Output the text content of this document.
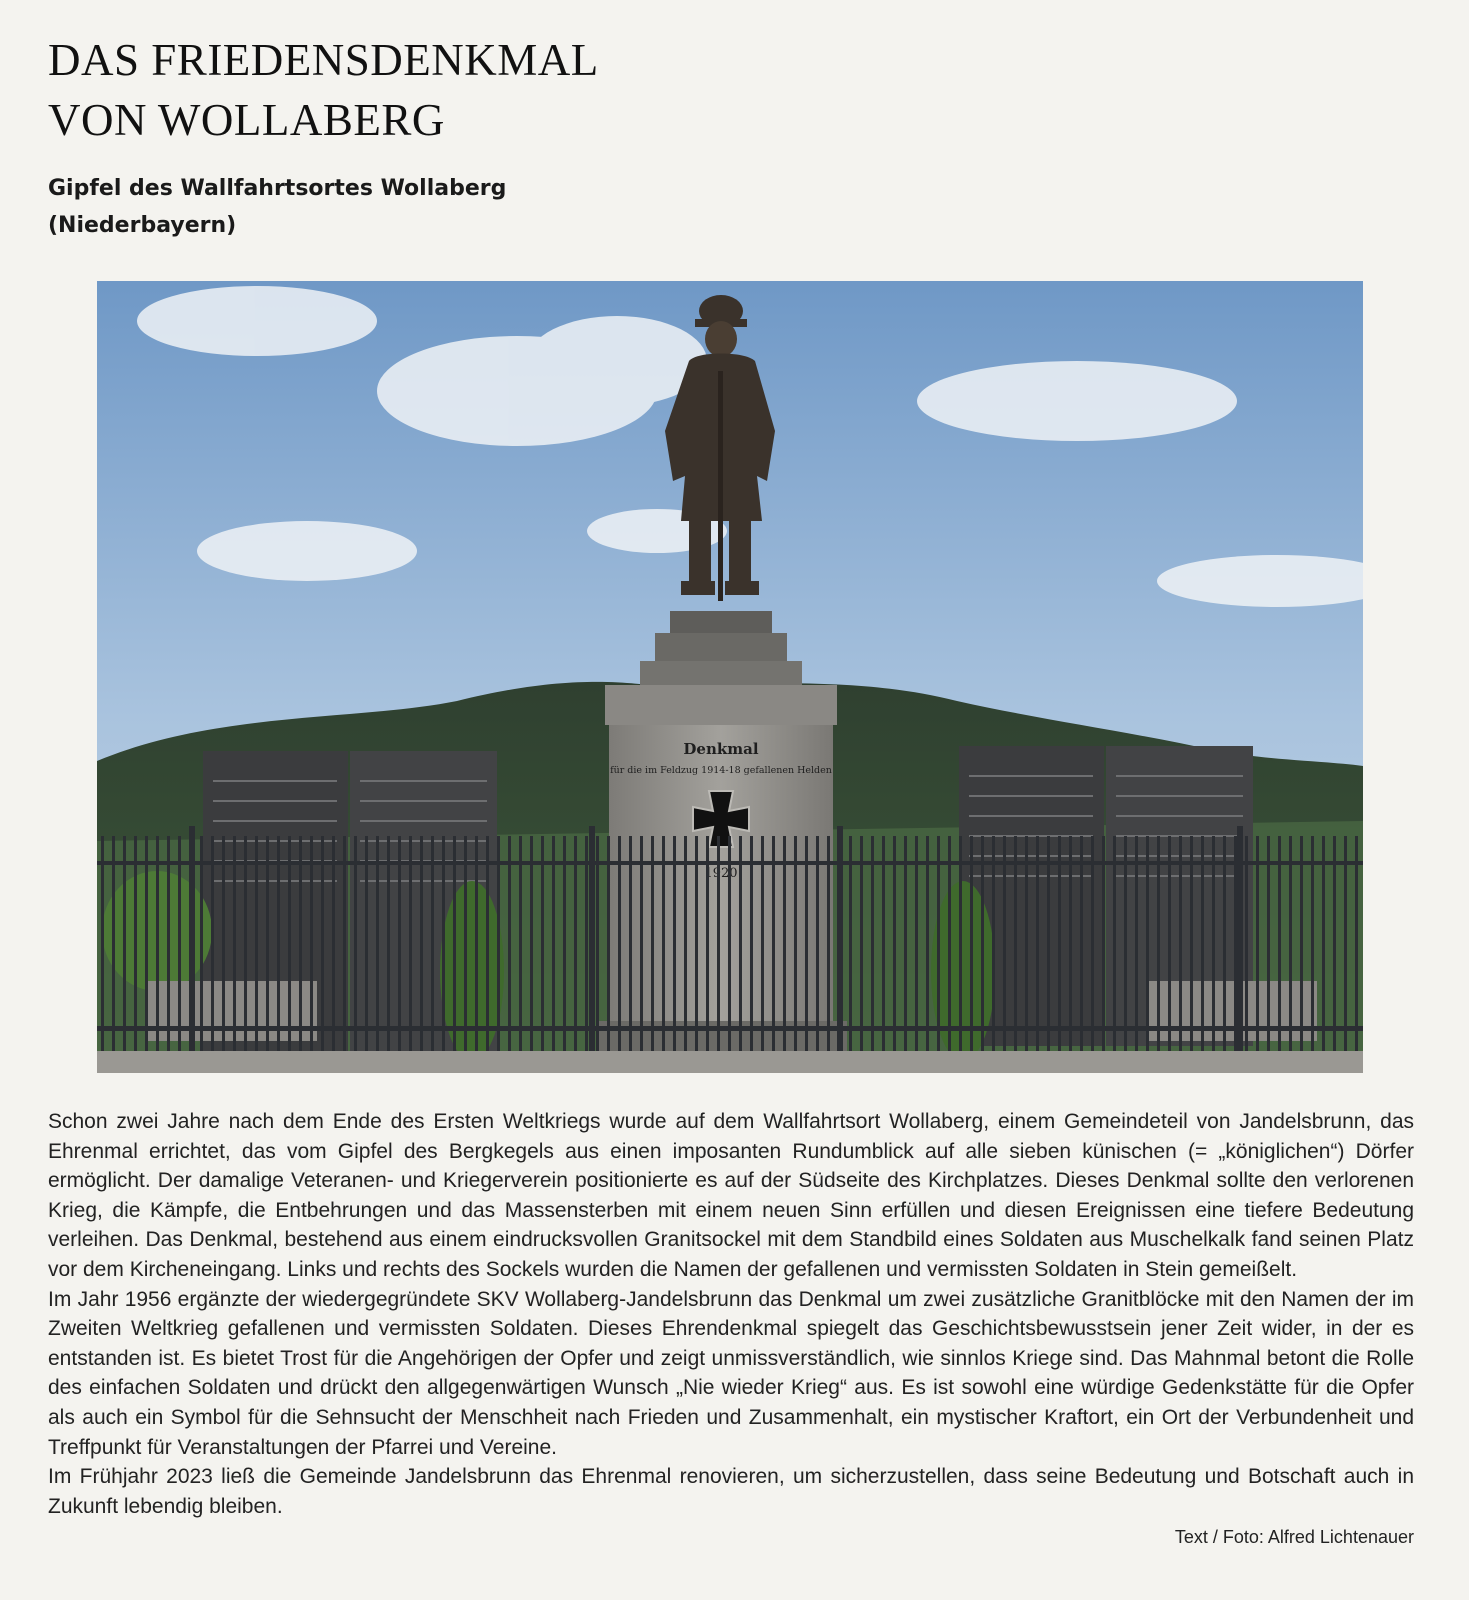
DAS FRIEDENSDENKMAL
VON WOLLABERG
Gipfel des Wallfahrtsortes Wollaberg
(Niederbayern)
Denkmal
für die im Feldzug 1914-18 gefallenen Helden

Schon zwei Jahre nach dem Ende des Ersten Weltkriegs wurde auf dem Wallfahrtsort Wollaberg, einem Gemeindeteil von Jandelsbrunn, das Ehrenmal errichtet, das vom Gipfel des Bergkegels aus einen imposanten Rundumblick auf alle sieben künischen (= „königlichen“) Dörfer ermöglicht. Der damalige Veteranen- und Kriegerverein positionierte es auf der Südseite des Kirchplatzes. Dieses Denkmal sollte den verlorenen Krieg, die Kämpfe, die Entbehrungen und das Massensterben mit einem neuen Sinn erfüllen und diesen Ereignissen eine tiefere Bedeutung verleihen. Das Denkmal, bestehend aus einem eindrucksvollen Granitsockel mit dem Standbild eines Soldaten aus Muschelkalk fand seinen Platz vor dem Kircheneingang. Links und rechts des Sockels wurden die Namen der gefallenen und vermissten Soldaten in Stein gemeißelt.

Im Jahr 1956 ergänzte der wiedergegründete SKV Wollaberg-Jandelsbrunn das Denkmal um zwei zusätzliche Granitblöcke mit den Namen der im Zweiten Weltkrieg gefallenen und vermissten Soldaten. Dieses Ehrendenkmal spiegelt das Geschichtsbewusstsein jener Zeit wider, in der es entstanden ist. Es bietet Trost für die Angehörigen der Opfer und zeigt unmissverständlich, wie sinnlos Kriege sind. Das Mahnmal betont die Rolle des einfachen Soldaten und drückt den allgegenwärtigen Wunsch „Nie wieder Krieg“ aus. Es ist sowohl eine würdige Gedenkstätte für die Opfer als auch ein Symbol für die Sehnsucht der Menschheit nach Frieden und Zusammenhalt, ein mystischer Kraftort, ein Ort der Verbundenheit und Treffpunkt für Veranstaltungen der Pfarrei und Vereine.

Im Frühjahr 2023 ließ die Gemeinde Jandelsbrunn das Ehrenmal renovieren, um sicherzustellen, dass seine Bedeutung und Botschaft auch in Zukunft lebendig bleiben.

Text / Foto: Alfred Lichtenauer
